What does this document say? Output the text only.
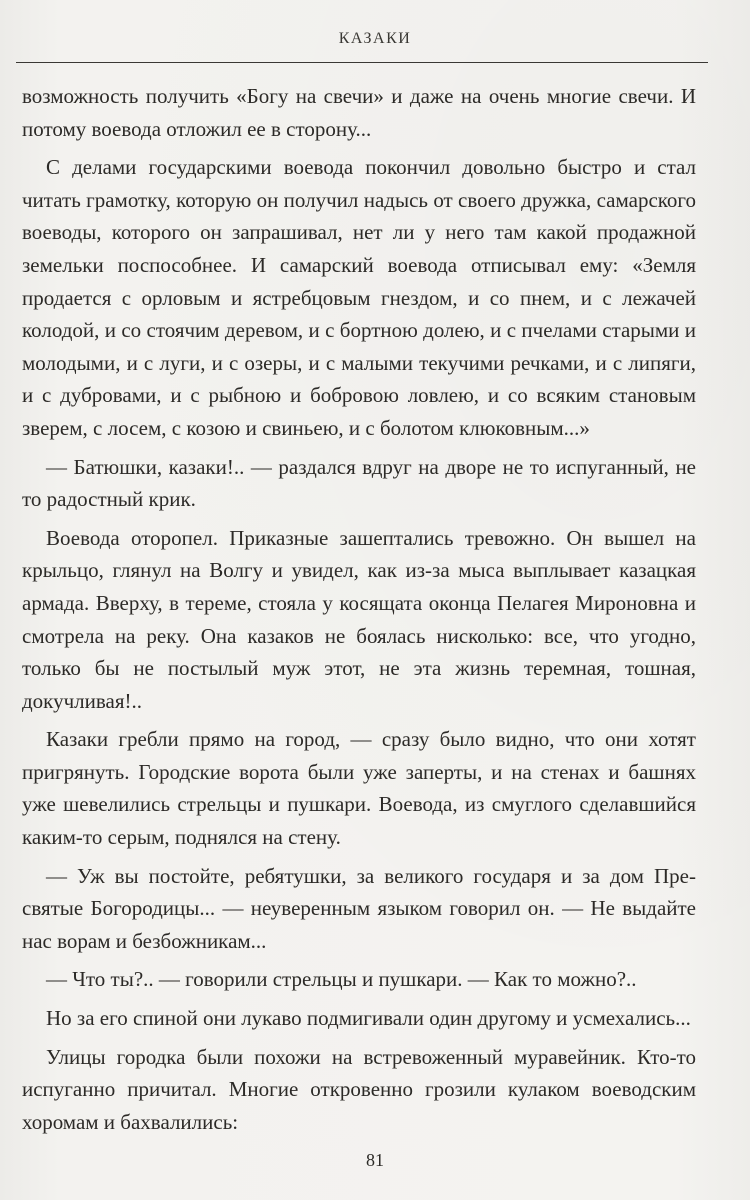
КАЗАКИ

возможность получить «Богу на свечи» и даже на очень многие свечи. И потому воевода отложил ее в сторону...

С делами государскими воевода покончил довольно быстро и стал читать грамотку, которую он получил надысь от своего дружка, самарского воеводы, которого он запрашивал, нет ли у него там какой продажной земельки поспособнее. И самарский воевода отписывал ему: «Земля продается с орловым и ястребцовым гнездом, и со пнем, и с лежачей колодой, и со стоячим деревом, и с бортною долею, и с пчелами старыми и молодыми, и с луги, и с озеры, и с малыми текучими речками, и с липяги, и с дубровами, и с рыбною и бобровою ловлею, и со всяким становым зверем, с лосем, с козою и свиньею, и с болотом клюковным...»

— Батюшки, казаки!.. — раздался вдруг на дворе не то испуганный, не то радостный крик.

Воевода оторопел. Приказные зашептались тревожно. Он вышел на крыльцо, глянул на Волгу и увидел, как из-за мыса выплывает казацкая армада. Вверху, в тереме, стояла у косящата оконца Пелагея Мироновна и смотрела на реку. Она казаков не боялась нисколько: все, что угодно, только бы не постылый муж этот, не эта жизнь теремная, тошная, докучливая!..

Казаки гребли прямо на город, — сразу было видно, что они хотят пригрянуть. Городские ворота были уже заперты, и на стенах и башнях уже шевелились стрельцы и пушкари. Воевода, из смуглого сделавшийся каким-то серым, поднялся на стену.

— Уж вы постойте, ребятушки, за великого государя и за дом Пресвятые Богородицы... — неуверенным языком говорил он. — Не выдайте нас ворам и безбожникам...

— Что ты?.. — говорили стрельцы и пушкари. — Как то можно?..

Но за его спиной они лукаво подмигивали один другому и усмехались...

Улицы городка были похожи на встревоженный муравейник. Кто-то испуганно причитал. Многие откровенно грозили кулаком воеводским хоромам и бахвалились:

81
